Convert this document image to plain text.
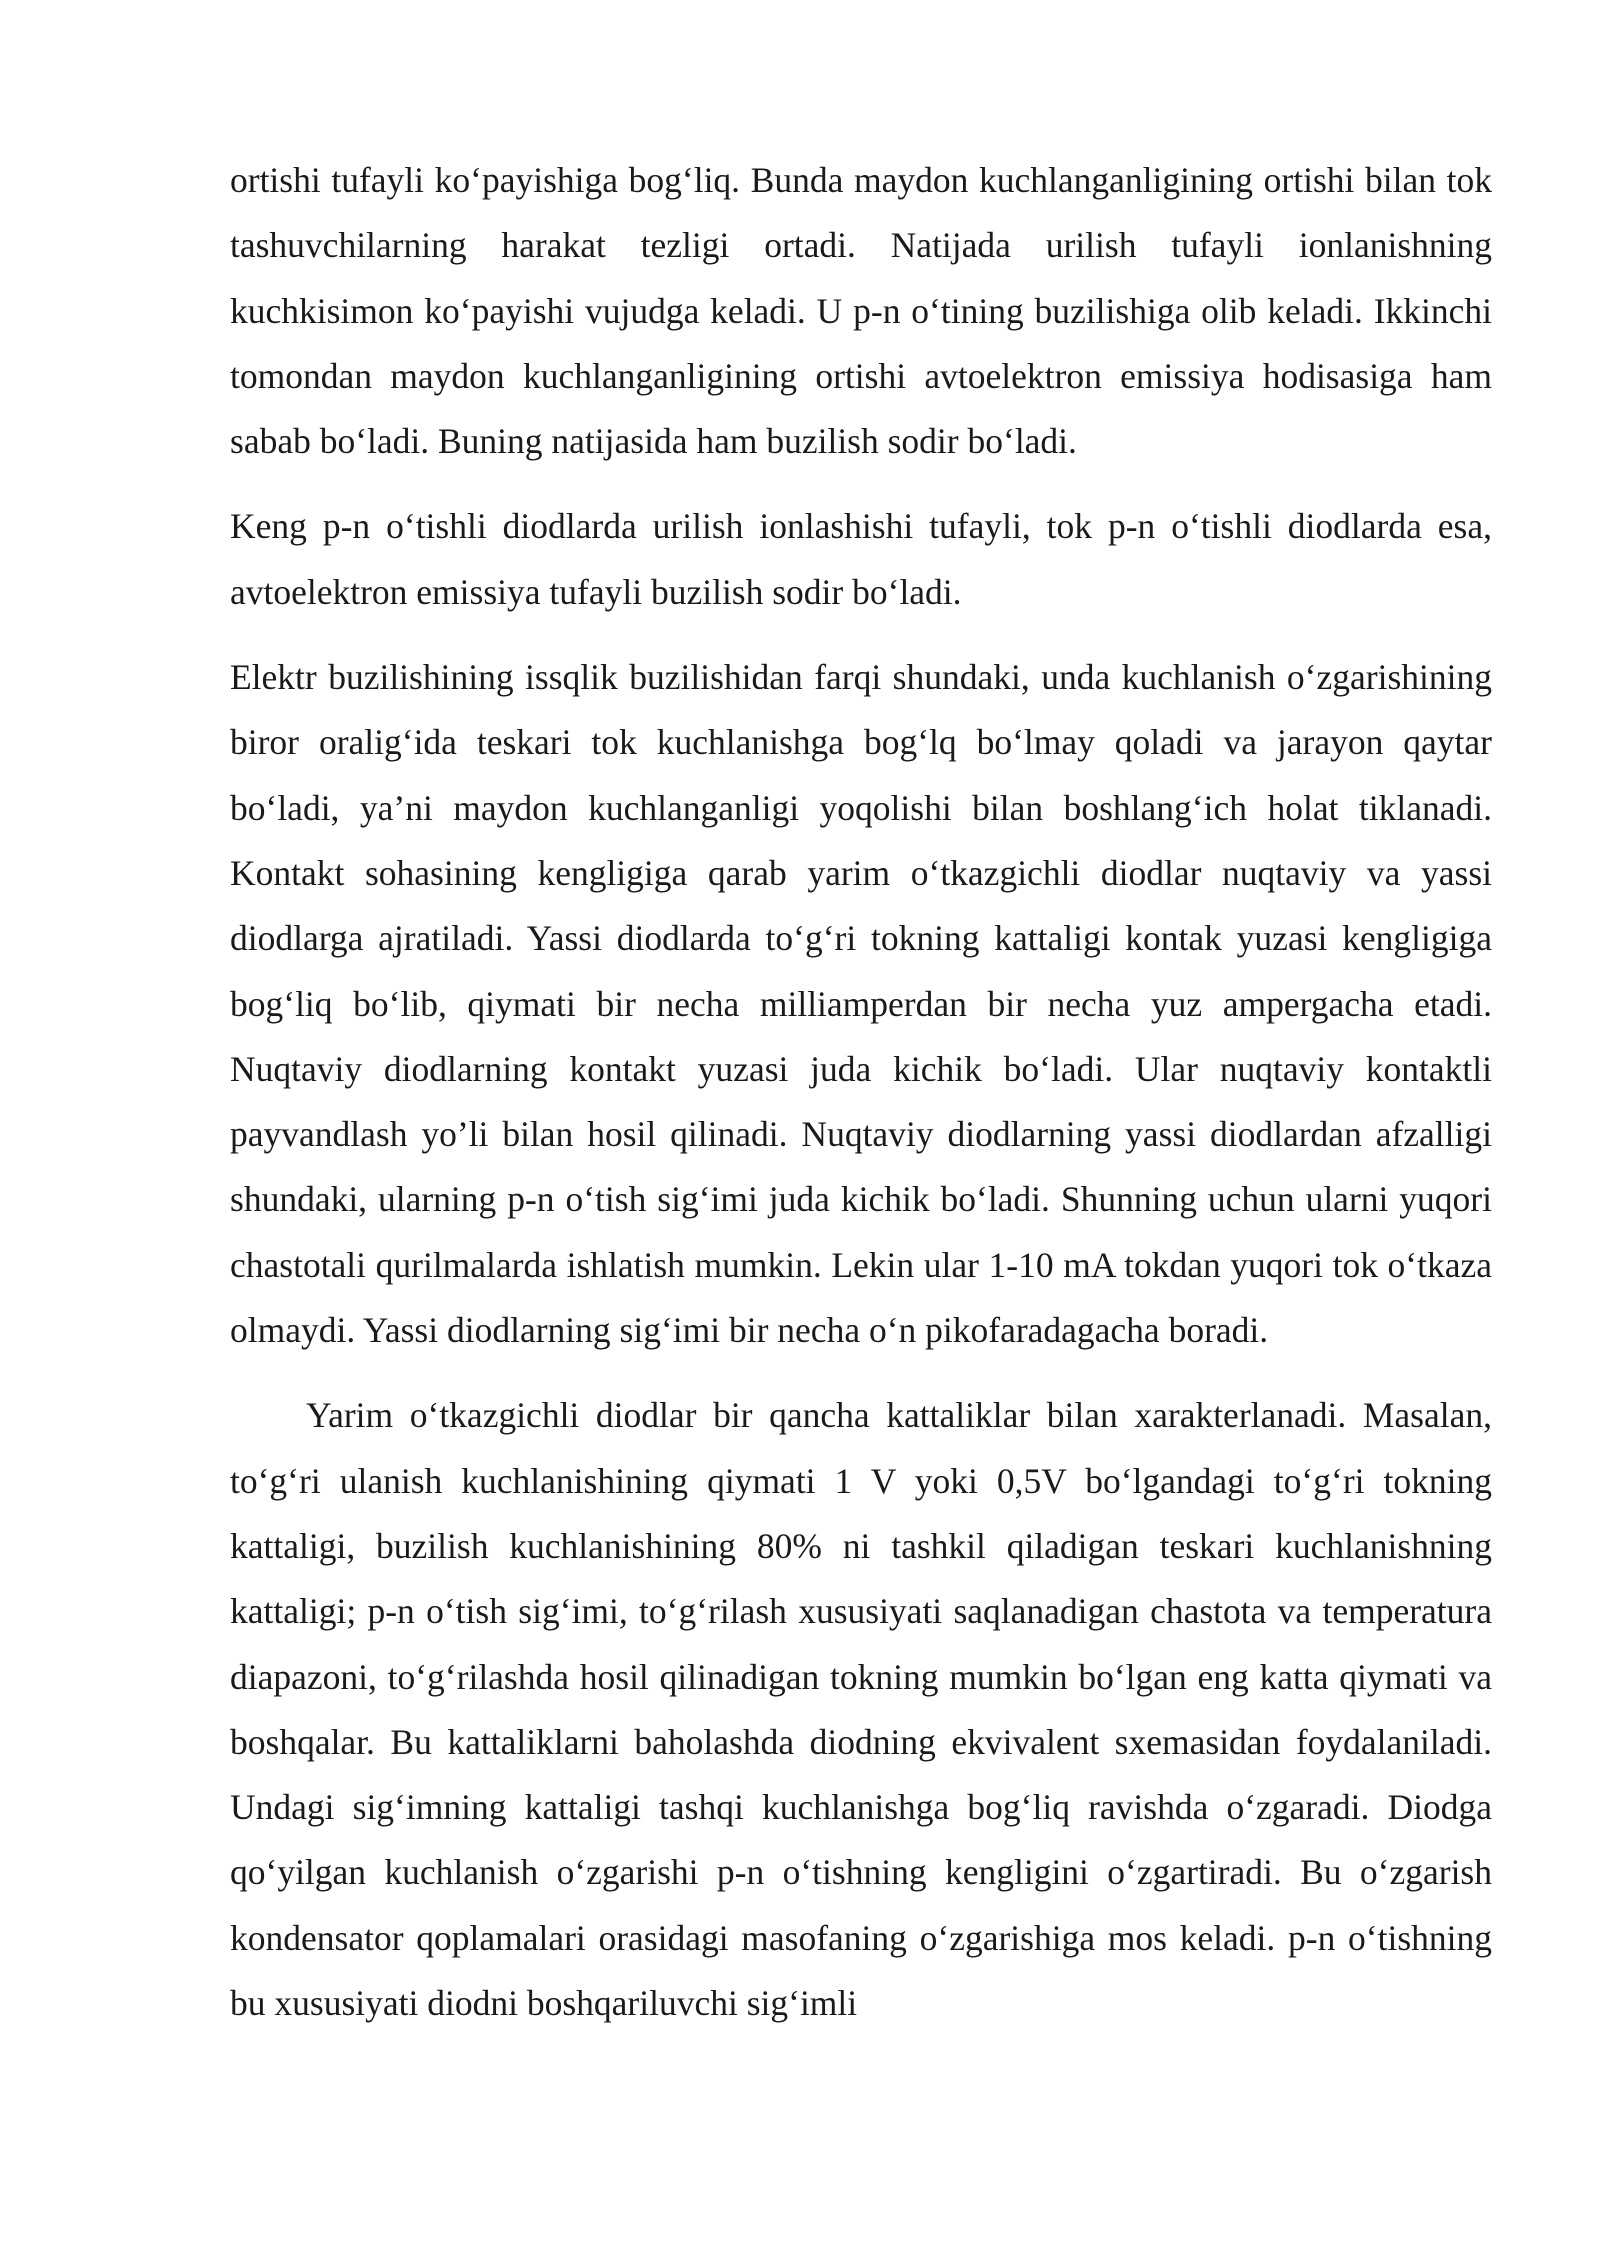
ortishi tufayli ko‘payishiga bog‘liq. Bunda maydon kuchlanganligining ortishi bilan tok tashuvchilarning harakat tezligi ortadi. Natijada urilish tufayli ionlanishning kuchkisimon ko‘payishi vujudga keladi. U p-n o‘tining buzilishiga olib keladi. Ikkinchi tomondan maydon kuchlanganligining ortishi avtoelektron emissiya hodisasiga ham sabab bo‘ladi. Buning natijasida ham buzilish sodir bo‘ladi.

Keng p-n o‘tishli diodlarda urilish ionlashishi tufayli, tok p-n o‘tishli diodlarda esa, avtoelektron emissiya tufayli buzilish sodir bo‘ladi.

Elektr buzilishining issqlik buzilishidan farqi shundaki, unda kuchlanish o‘zgarishining biror oralig‘ida teskari tok kuchlanishga bog‘lq bo‘lmay qoladi va jarayon qaytar bo‘ladi, ya’ni maydon kuchlanganligi yoqolishi bilan boshlang‘ich holat tiklanadi. Kontakt sohasining kengligiga qarab yarim o‘tkazgichli diodlar nuqtaviy va yassi diodlarga ajratiladi. Yassi diodlarda to‘g‘ri tokning kattaligi kontak yuzasi kengligiga bog‘liq bo‘lib, qiymati bir necha milliamperdan bir necha yuz ampergacha etadi. Nuqtaviy diodlarning kontakt yuzasi juda kichik bo‘ladi. Ular nuqtaviy kontaktli payvandlash yo’li bilan hosil qilinadi. Nuqtaviy diodlarning yassi diodlardan afzalligi shundaki, ularning p-n o‘tish sig‘imi juda kichik bo‘ladi. Shunning uchun ularni yuqori chastotali qurilmalarda ishlatish mumkin. Lekin ular 1-10 mA tokdan yuqori tok o‘tkaza olmaydi. Yassi diodlarning sig‘imi bir necha o‘n pikofaradagacha boradi.

Yarim o‘tkazgichli diodlar bir qancha kattaliklar bilan xarakterlanadi. Masalan, to‘g‘ri ulanish kuchlanishining qiymati 1 V yoki 0,5V bo‘lgandagi to‘g‘ri tokning kattaligi, buzilish kuchlanishining 80% ni tashkil qiladigan teskari kuchlanishning kattaligi; p-n o‘tish sig‘imi, to‘g‘rilash xususiyati saqlanadigan chastota va temperatura diapazoni, to‘g‘rilashda hosil qilinadigan tokning mumkin bo‘lgan eng katta qiymati va boshqalar. Bu kattaliklarni baholashda diodning ekvivalent sxemasidan foydalaniladi. Undagi sig‘imning kattaligi tashqi kuchlanishga bog‘liq ravishda o‘zgaradi. Diodga qo‘yilgan kuchlanish o‘zgarishi p-n o‘tishning kengligini o‘zgartiradi. Bu o‘zgarish kondensator qoplamalari orasidagi masofaning o‘zgarishiga mos keladi. p-n o‘tishning bu xususiyati diodni boshqariluvchi sig‘imli
